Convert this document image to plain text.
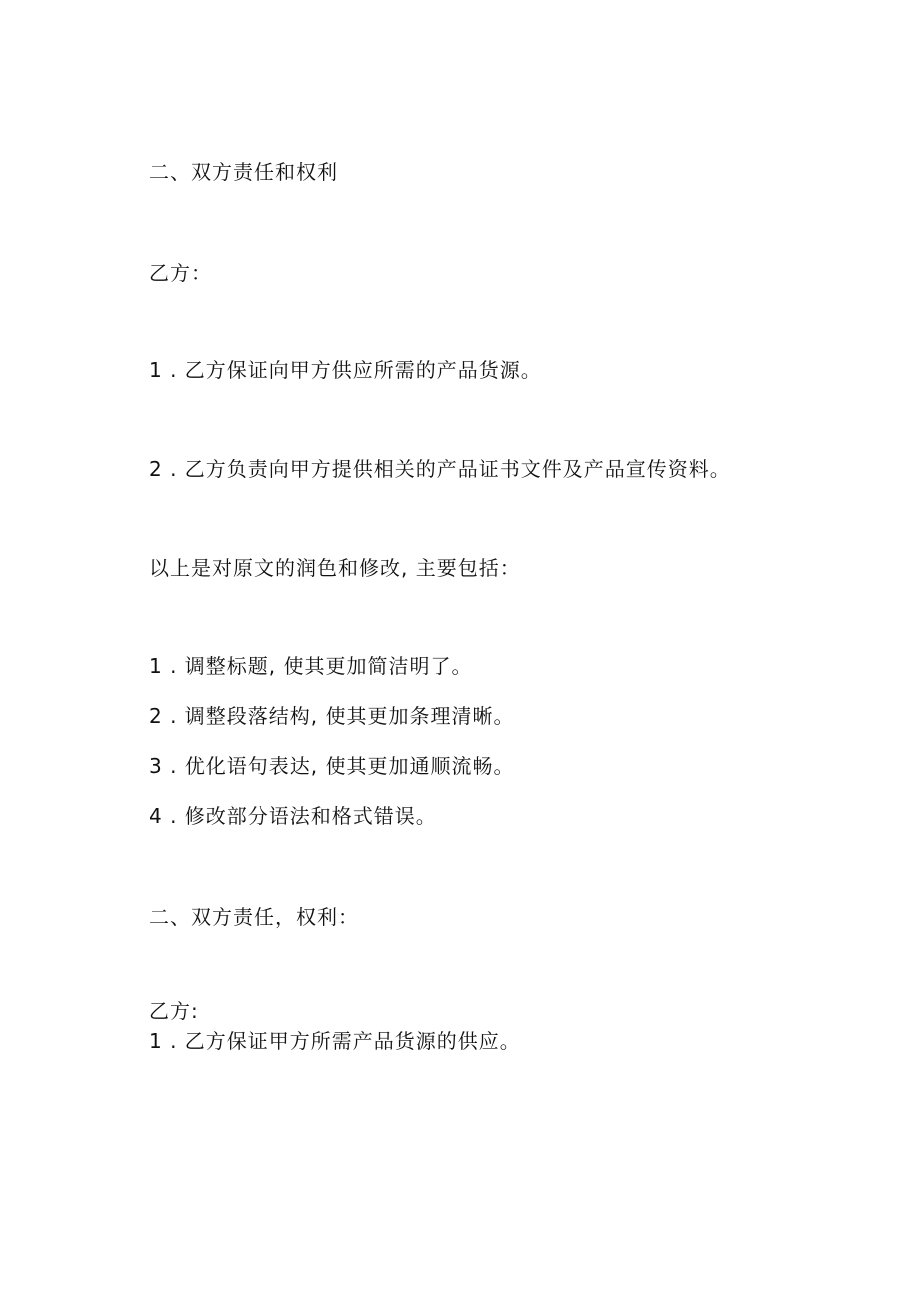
二、双方责任和权利
乙方：
1 . 乙方保证向甲方供应所需的产品货源。
2 . 乙方负责向甲方提供相关的产品证书文件及产品宣传资料。
以上是对原文的润色和修改, 主要包括：
1 . 调整标题, 使其更加简洁明了。
2 . 调整段落结构, 使其更加条理清晰。
3 . 优化语句表达, 使其更加通顺流畅。
4 . 修改部分语法和格式错误。
二、双方责任，权利：
乙方:
1 . 乙方保证甲方所需产品货源的供应。
